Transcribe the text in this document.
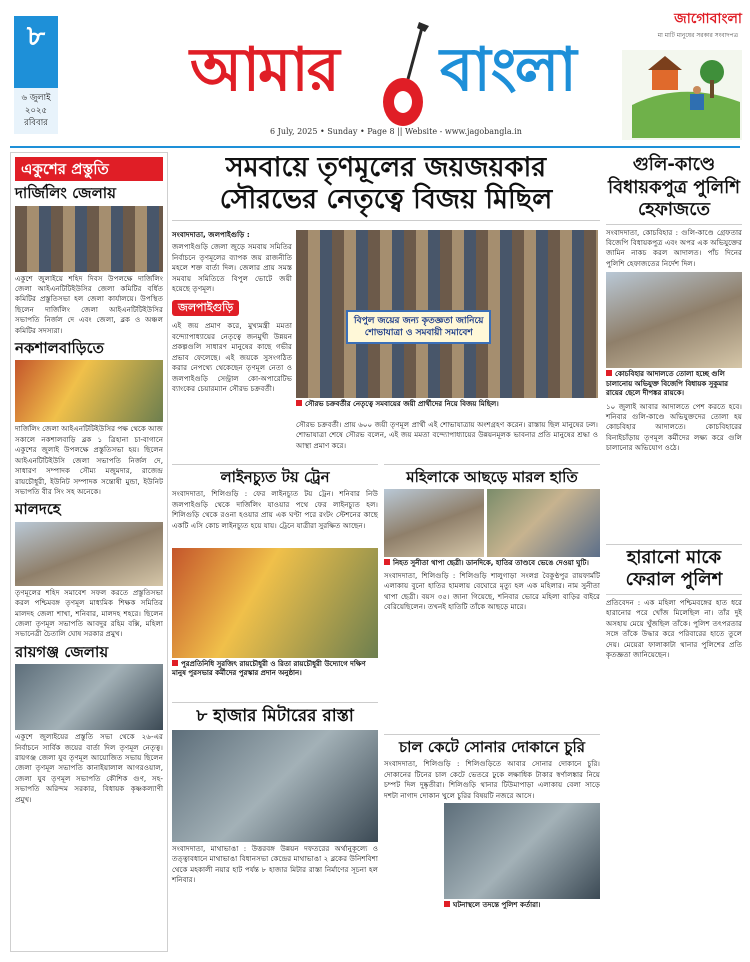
৮
৬ জুলাই
২০২৫
রবিবার
আমার বাংলা
6 July, 2025 • Sunday • Page 8 || Website - www.jagobangla.in
জাগোবাংলা
মা মাটি মানুষের সরকার সংবাদপত্র
একুশের প্রস্তুতি
দার্জিলিং জেলায়
একুশে জুলাইয়ে শহিদ দিবস উপলক্ষে দার্জিলিং জেলা আইএনটিটিইউসির জেলা কমিটির বর্ধিত কমিটির প্রস্তুতিসভা হল জেলা কার্যালয়ে। উপস্থিত ছিলেন দার্জিলিং জেলা আইএনটিটিইউসির সভাপতি নির্জল দে এবং জেলা, ব্লক ও অঞ্চল কমিটির সদস্যরা।
নকশালবাড়িতে
দার্জিলিং জেলা আইএনটিটিইউসির পক্ষ থেকে আজ সকালে নকশালবাড়ি ব্লক ১ ত্রিহানা চা-বাগানে একুশের জুলাই উপলক্ষে প্রস্তুতিসভা হয়। ছিলেন আইএনটিটিইউসি জেলা সভাপতি নির্জল দে, সাধারণ সম্পাদক সৌম্য মজুমদার, রাজেন্দ্র রায়চৌধুরী, ইউনিট সম্পাদক সন্তোষী মুন্ডা, ইউনিট সভাপতি বীর সিং সহ অনেকে।
মালদহে
তৃণমূলের শহিদ সমাবেশ সফল করতে প্রস্তুতিসভা করল পশ্চিমবঙ্গ তৃণমূল মাধ্যমিক শিক্ষক সমিতির মালদহ জেলা শাখা, শনিবার, মালদহ শহরে। ছিলেন জেলা তৃণমূল সভাপতি আবদুর রহিম বক্সি, মহিলা সভানেত্রী চৈতালি ঘোষ সরকার প্রমুখ।
রায়গঞ্জ জেলায়
একুশে জুলাইয়ের প্রস্তুতি সভা থেকে ২৬-এর নির্বাচনে সার্বিক জয়ের বার্তা দিল তৃণমূল নেতৃত্ব। রায়গঞ্জ জেলা যুব তৃণমূল আয়োজিত সভায় ছিলেন জেলা তৃণমূল সভাপতি কানাইয়ালাল আগরওয়াল, জেলা যুব তৃণমূল সভাপতি কৌশিক গুণ, সহ-সভাপতি অরিন্দম সরকার, বিধায়ক কৃষ্ণকল্যাণী প্রমুখ।
সমবায়ে তৃণমূলের জয়জয়কার
সৌরভের নেতৃত্বে বিজয় মিছিল
সংবাদদাতা, জলপাইগুড়ি :
জলপাইগুড়ি জেলা জুড়ে সমবায় সমিতির নির্বাচনে তৃণমূলের ব্যাপক জয় রাজনীতি মহলে শক্ত বার্তা দিল। জেলার প্রায় সমস্ত সমবায় সমিতিতে বিপুল ভোটে জয়ী হয়েছে তৃণমূল।
জলপাইগুড়ি
এই জয় প্রমাণ করে, মুখ্যমন্ত্রী মমতা বন্দ্যোপাধ্যায়ের নেতৃত্বে জনমুখী উন্নয়ন প্রকল্পগুলি সাধারণ মানুষের কাছে গভীর প্রভাব ফেলেছে। এই জয়কে সুসংগঠিত করার নেপথ্যে থেকেছেন তৃণমূল নেতা ও জলপাইগুড়ি সেন্ট্রাল কো-অপারেটিভ ব্যাংকের চেয়ারম্যান সৌরভ চক্রবর্তী।
বিপুল জয়ের জন্য কৃতজ্ঞতা জানিয়ে
শোভাযাত্রা ও সমবায়ী সমাবেশ
সৌরভ চক্রবর্তীর নেতৃত্বে সমবায়ের জয়ী প্রার্থীদের নিয়ে বিজয় মিছিল।
সৌরভ চক্রবর্তী। প্রায় ৬০০ জয়ী তৃণমূল প্রার্থী এই শোভাযাত্রায় অংশগ্রহণ করেন। রাস্তায় ছিল মানুষের ঢল। শোভাযাত্রা শেষে সৌরভ বলেন, এই জয় মমতা বন্দ্যোপাধ্যায়ের উন্নয়নমূলক ভাবনার প্রতি মানুষের শ্রদ্ধা ও আস্থা প্রমাণ করে।
লাইনচ্যুত টয় ট্রেন
সংবাদদাতা, শিলিগুড়ি : ফের লাইনচ্যুত টয় ট্রেন। শনিবার নিউ জলপাইগুড়ি থেকে দার্জিলিং যাওয়ার পথে ফের লাইনচ্যুত হল। শিলিগুড়ি থেকে রওনা হওয়ার প্রায় এক ঘণ্টা পরে রংটং স্টেশনের কাছে একটি এসি কোচ লাইনচ্যুত হয়ে যায়। ট্রেনে যাত্রীরা সুরক্ষিত আছেন।
পুরপ্রতিনিধি সুরজিৎ রায়চৌধুরী ও রিতা রায়চৌধুরী উদ্যোগে দক্ষিণ মানুষ পুরসভার কর্মীদের পুরস্কার প্রদান অনুষ্ঠান।
৮ হাজার মিটারের রাস্তা
সংবাদদাতা, মাথাভাঙা : উত্তরবঙ্গ উন্নয়ন দফতরের অর্থানুকূল্যে ও তত্ত্বাবধানে মাথাভাঙা বিধানসভা কেন্দ্রের মাথাভাঙা ২ ব্লকের উনিশবিশা থেকে মহকালী নয়ার হাট পর্যন্ত ৮ হাজার মিটার রাস্তা নির্মাণের সূচনা হল শনিবার।
মহিলাকে আছড়ে মারল হাতি
নিহত সুনীতা থাপা ছেত্রী। ডানদিকে, হাতির তাণ্ডবে ভেঙে দেওয়া ঘুটি।
সংবাদদাতা, শিলিগুড়ি : শিলিগুড়ি শালুগাড়া সংলগ্ন বৈকুণ্ঠপুর রায়ফার্মটি এলাকায় বুনো হাতির হামলায় বেঘোরে মৃত্যু হল এক মহিলার। নাম সুনীতা থাপা ছেত্রী। বয়স ৩৫। জানা গিয়েছে, শনিবার ভোরে মহিলা বাড়ির বাইরে বেরিয়েছিলেন। তখনই হাতিটি তাঁকে আছড়ে মারে।
চাল কেটে সোনার দোকানে চুরি
সংবাদদাতা, শিলিগুড়ি : শিলিগুড়িতে আবার সোনার দোকানে চুরি। দোকানের টিনের চাল কেটে ভেতরে ঢুকে লক্ষাধিক টাকার স্বর্ণালঙ্কার নিয়ে চম্পট দিল দুষ্কৃতীরা। শিলিগুড়ি থানার টিউমাপাড়া এলাকায় বেলা সাড়ে দশটা নাগাদ দোকান খুলে চুরির বিষয়টি নজরে আসে।
ঘটনাস্থলে তদন্তে পুলিশ কর্তারা।
গুলি-কাণ্ডে বিধায়কপুত্র পুলিশি হেফাজতে
সংবাদদাতা, কোচবিহার : গুলি-কাণ্ডে গ্রেফতার বিজেপি বিধায়কপুত্র এবং অপর এক অভিযুক্তের জামিন নাকচ করল আদালত। পাঁচ দিনের পুলিশি হেফাজতের নির্দেশ দিল।
কোচবিহার আদালতে তোলা হচ্ছে গুলি চালানোয় অভিযুক্ত বিজেপি বিধায়ক সুকুমার রায়ের ছেলে দীপঙ্কর রায়কে।
১০ জুলাই আবার আদালতে পেশ করতে হবে। শনিবার গুলি-কাণ্ডে অভিযুক্তদের তোলা হয় কোচবিহার আদালতে। কোচবিহারের বিনাইচাঁড়ায় তৃণমূল কর্মীদের লক্ষ্য করে গুলি চালানোর অভিযোগ ওঠে।
হারানো মাকে ফেরাল পুলিশ
প্রতিবেদন : এক মহিলা পশ্চিমবঙ্গের হাত ধরে হারানোর পরে খোঁজ মিলেছিল না। তাঁর দুই অসহায় মেয়ে খুঁজছিল তাঁকে। পুলিশ তৎপরতার সঙ্গে তাঁকে উদ্ধার করে পরিবারের হাতে তুলে দেয়। মেয়েরা ফালাকাটা থানার পুলিশের প্রতি কৃতজ্ঞতা জানিয়েছেন।
